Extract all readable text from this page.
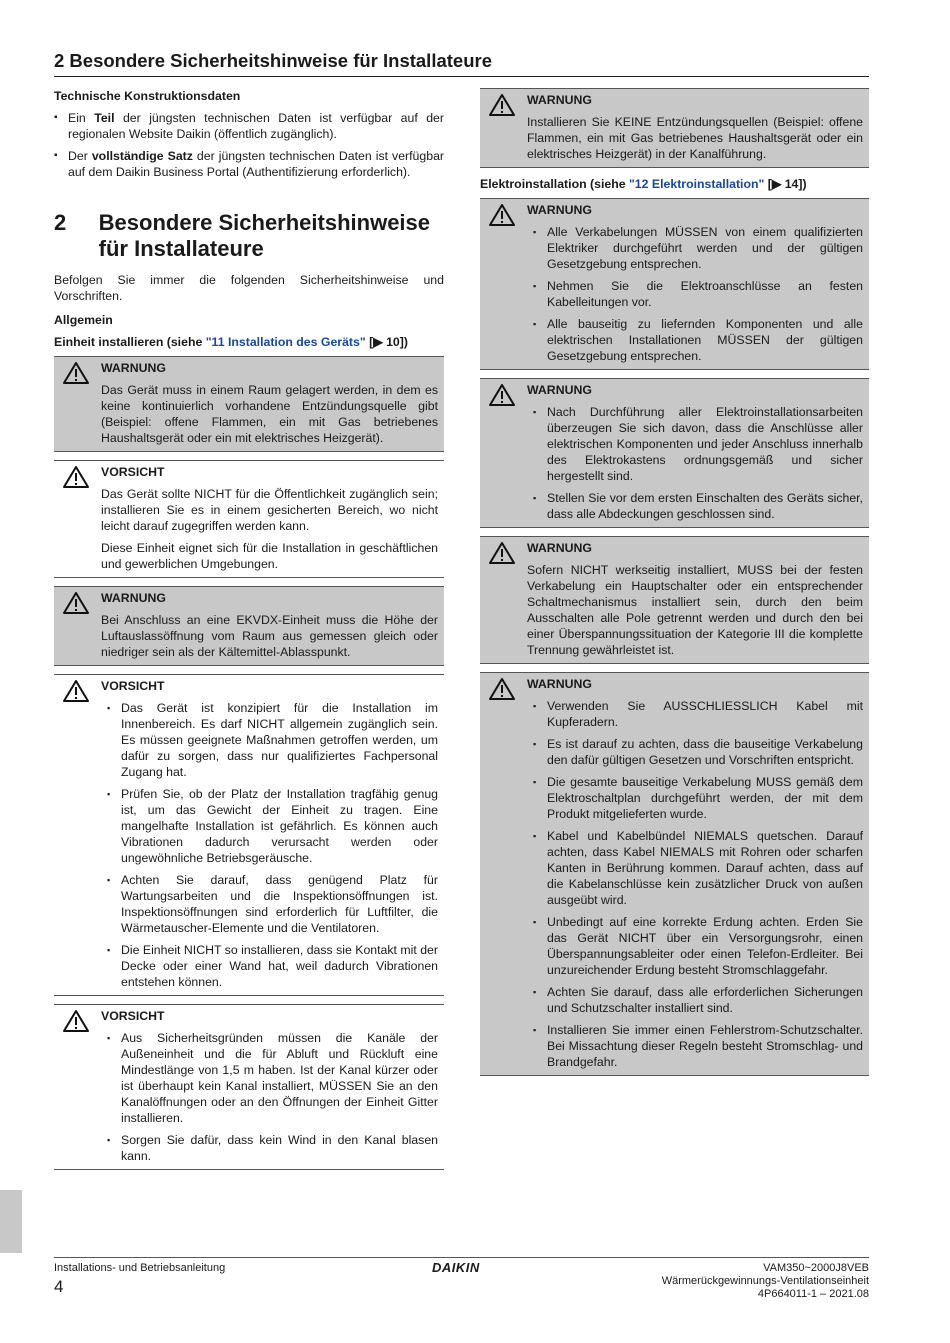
2 Besondere Sicherheitshinweise für Installateure
Technische Konstruktionsdaten
▪ Ein Teil der jüngsten technischen Daten ist verfügbar auf der regionalen Website Daikin (öffentlich zugänglich).
▪ Der vollständige Satz der jüngsten technischen Daten ist verfügbar auf dem Daikin Business Portal (Authentifizierung erforderlich).
2	Besondere Sicherheitshinweise für Installateure
Befolgen Sie immer die folgenden Sicherheitshinweise und Vorschriften.
Allgemein
Einheit installieren (siehe "11 Installation des Geräts" [▶ 10])
WARNUNG

Das Gerät muss in einem Raum gelagert werden, in dem es keine kontinuierlich vorhandene Entzündungsquelle gibt (Beispiel: offene Flammen, ein mit Gas betriebenes Haushaltsgerät oder ein mit elektrisches Heizgerät).

VORSICHT

Das Gerät sollte NICHT für die Öffentlichkeit zugänglich sein; installieren Sie es in einem gesicherten Bereich, wo nicht leicht darauf zugegriffen werden kann.

Diese Einheit eignet sich für die Installation in geschäftlichen und gewerblichen Umgebungen.

WARNUNG

Bei Anschluss an eine EKVDX-Einheit muss die Höhe der Luftauslassöffnung vom Raum aus gemessen gleich oder niedriger sein als der Kältemittel-Ablasspunkt.

VORSICHT
▪ Das Gerät ist konzipiert für die Installation im Innenbereich. Es darf NICHT allgemein zugänglich sein. Es müssen geeignete Maßnahmen getroffen werden, um dafür zu sorgen, dass nur qualifiziertes Fachpersonal Zugang hat.
▪ Prüfen Sie, ob der Platz der Installation tragfähig genug ist, um das Gewicht der Einheit zu tragen. Eine mangelhafte Installation ist gefährlich. Es können auch Vibrationen dadurch verursacht werden oder ungewöhnliche Betriebsgeräusche.
▪ Achten Sie darauf, dass genügend Platz für Wartungsarbeiten und die Inspektionsöffnungen ist. Inspektionsöffnungen sind erforderlich für Luftfilter, die Wärmetauscher-Elemente und die Ventilatoren.
▪ Die Einheit NICHT so installieren, dass sie Kontakt mit der Decke oder einer Wand hat, weil dadurch Vibrationen entstehen können.
VORSICHT
▪ Aus Sicherheitsgründen müssen die Kanäle der Außeneinheit und die für Abluft und Rückluft eine Mindestlänge von 1,5 m haben. Ist der Kanal kürzer oder ist überhaupt kein Kanal installiert, MÜSSEN Sie an den Kanalöffnungen oder an den Öffnungen der Einheit Gitter installieren.
▪ Sorgen Sie dafür, dass kein Wind in den Kanal blasen kann.
WARNUNG

Installieren Sie KEINE Entzündungsquellen (Beispiel: offene Flammen, ein mit Gas betriebenes Haushaltsgerät oder ein elektrisches Heizgerät) in der Kanalführung.

Elektroinstallation (siehe "12 Elektroinstallation" [▶ 14])
WARNUNG
▪ Alle Verkabelungen MÜSSEN von einem qualifizierten Elektriker durchgeführt werden und der gültigen Gesetzgebung entsprechen.
▪ Nehmen Sie die Elektroanschlüsse an festen Kabelleitungen vor.
▪ Alle bauseitig zu liefernden Komponenten und alle elektrischen Installationen MÜSSEN der gültigen Gesetzgebung entsprechen.
WARNUNG
▪ Nach Durchführung aller Elektroinstallationsarbeiten überzeugen Sie sich davon, dass die Anschlüsse aller elektrischen Komponenten und jeder Anschluss innerhalb des Elektrokastens ordnungsgemäß und sicher hergestellt sind.
▪ Stellen Sie vor dem ersten Einschalten des Geräts sicher, dass alle Abdeckungen geschlossen sind.
WARNUNG

Sofern NICHT werkseitig installiert, MUSS bei der festen Verkabelung ein Hauptschalter oder ein entsprechender Schaltmechanismus installiert sein, durch den beim Ausschalten alle Pole getrennt werden und durch den bei einer Überspannungssituation der Kategorie III die komplette Trennung gewährleistet ist.

WARNUNG
▪ Verwenden Sie AUSSCHLIESSLICH Kabel mit Kupferadern.
▪ Es ist darauf zu achten, dass die bauseitige Verkabelung den dafür gültigen Gesetzen und Vorschriften entspricht.
▪ Die gesamte bauseitige Verkabelung MUSS gemäß dem Elektroschaltplan durchgeführt werden, der mit dem Produkt mitgelieferten wurde.
▪ Kabel und Kabelbündel NIEMALS quetschen. Darauf achten, dass Kabel NIEMALS mit Rohren oder scharfen Kanten in Berührung kommen. Darauf achten, dass auf die Kabelanschlüsse kein zusätzlicher Druck von außen ausgeübt wird.
▪ Unbedingt auf eine korrekte Erdung achten. Erden Sie das Gerät NICHT über ein Versorgungsrohr, einen Überspannungsableiter oder einen Telefon-Erdleiter. Bei unzureichender Erdung besteht Stromschlaggefahr.
▪ Achten Sie darauf, dass alle erforderlichen Sicherungen und Schutzschalter installiert sind.
▪ Installieren Sie immer einen Fehlerstrom-Schutzschalter. Bei Missachtung dieser Regeln besteht Stromschlag- und Brandgefahr.
Installations- und Betriebsanleitung
4
DAIKIN	VAM350~2000J8VEB
Wärmerückgewinnungs-Ventilationseinheit
4P664011-1 – 2021.08
